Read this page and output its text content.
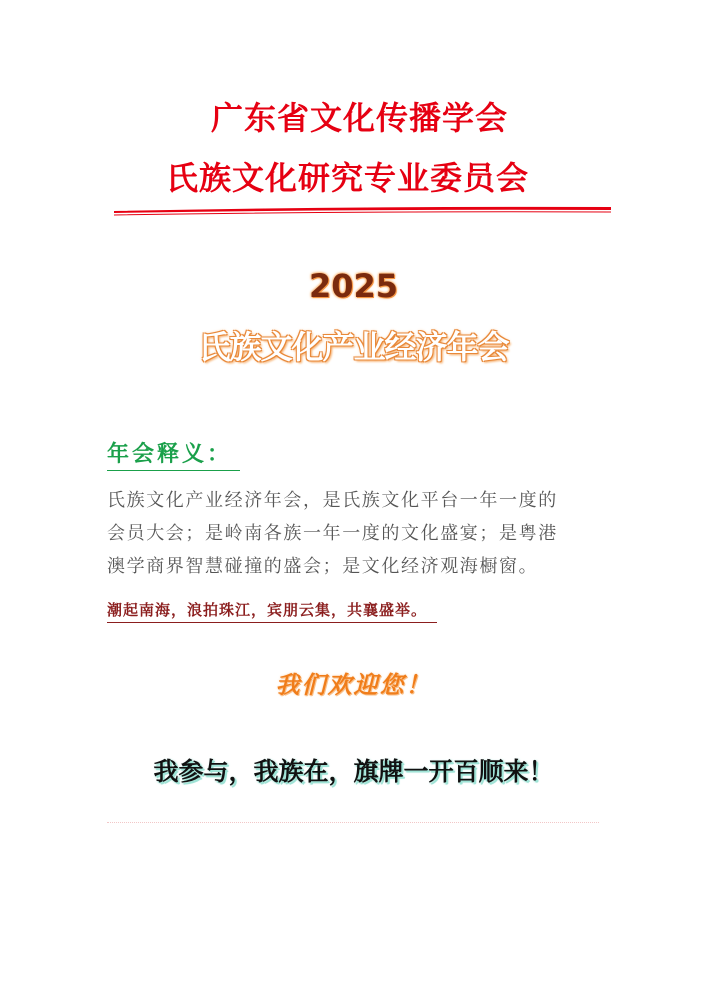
广东省文化传播学会
氏族文化研究专业委员会
2025
氏族文化产业经济年会
年会释义：

氏族文化产业经济年会，是氏族文化平台一年一度的
会员大会；是岭南各族一年一度的文化盛宴；是粤港
澳学商界智慧碰撞的盛会；是文化经济观海橱窗。

潮起南海，浪拍珠江，宾朋云集，共襄盛举。
我们欢迎您！
我参与，我族在，旗牌一开百顺来！
